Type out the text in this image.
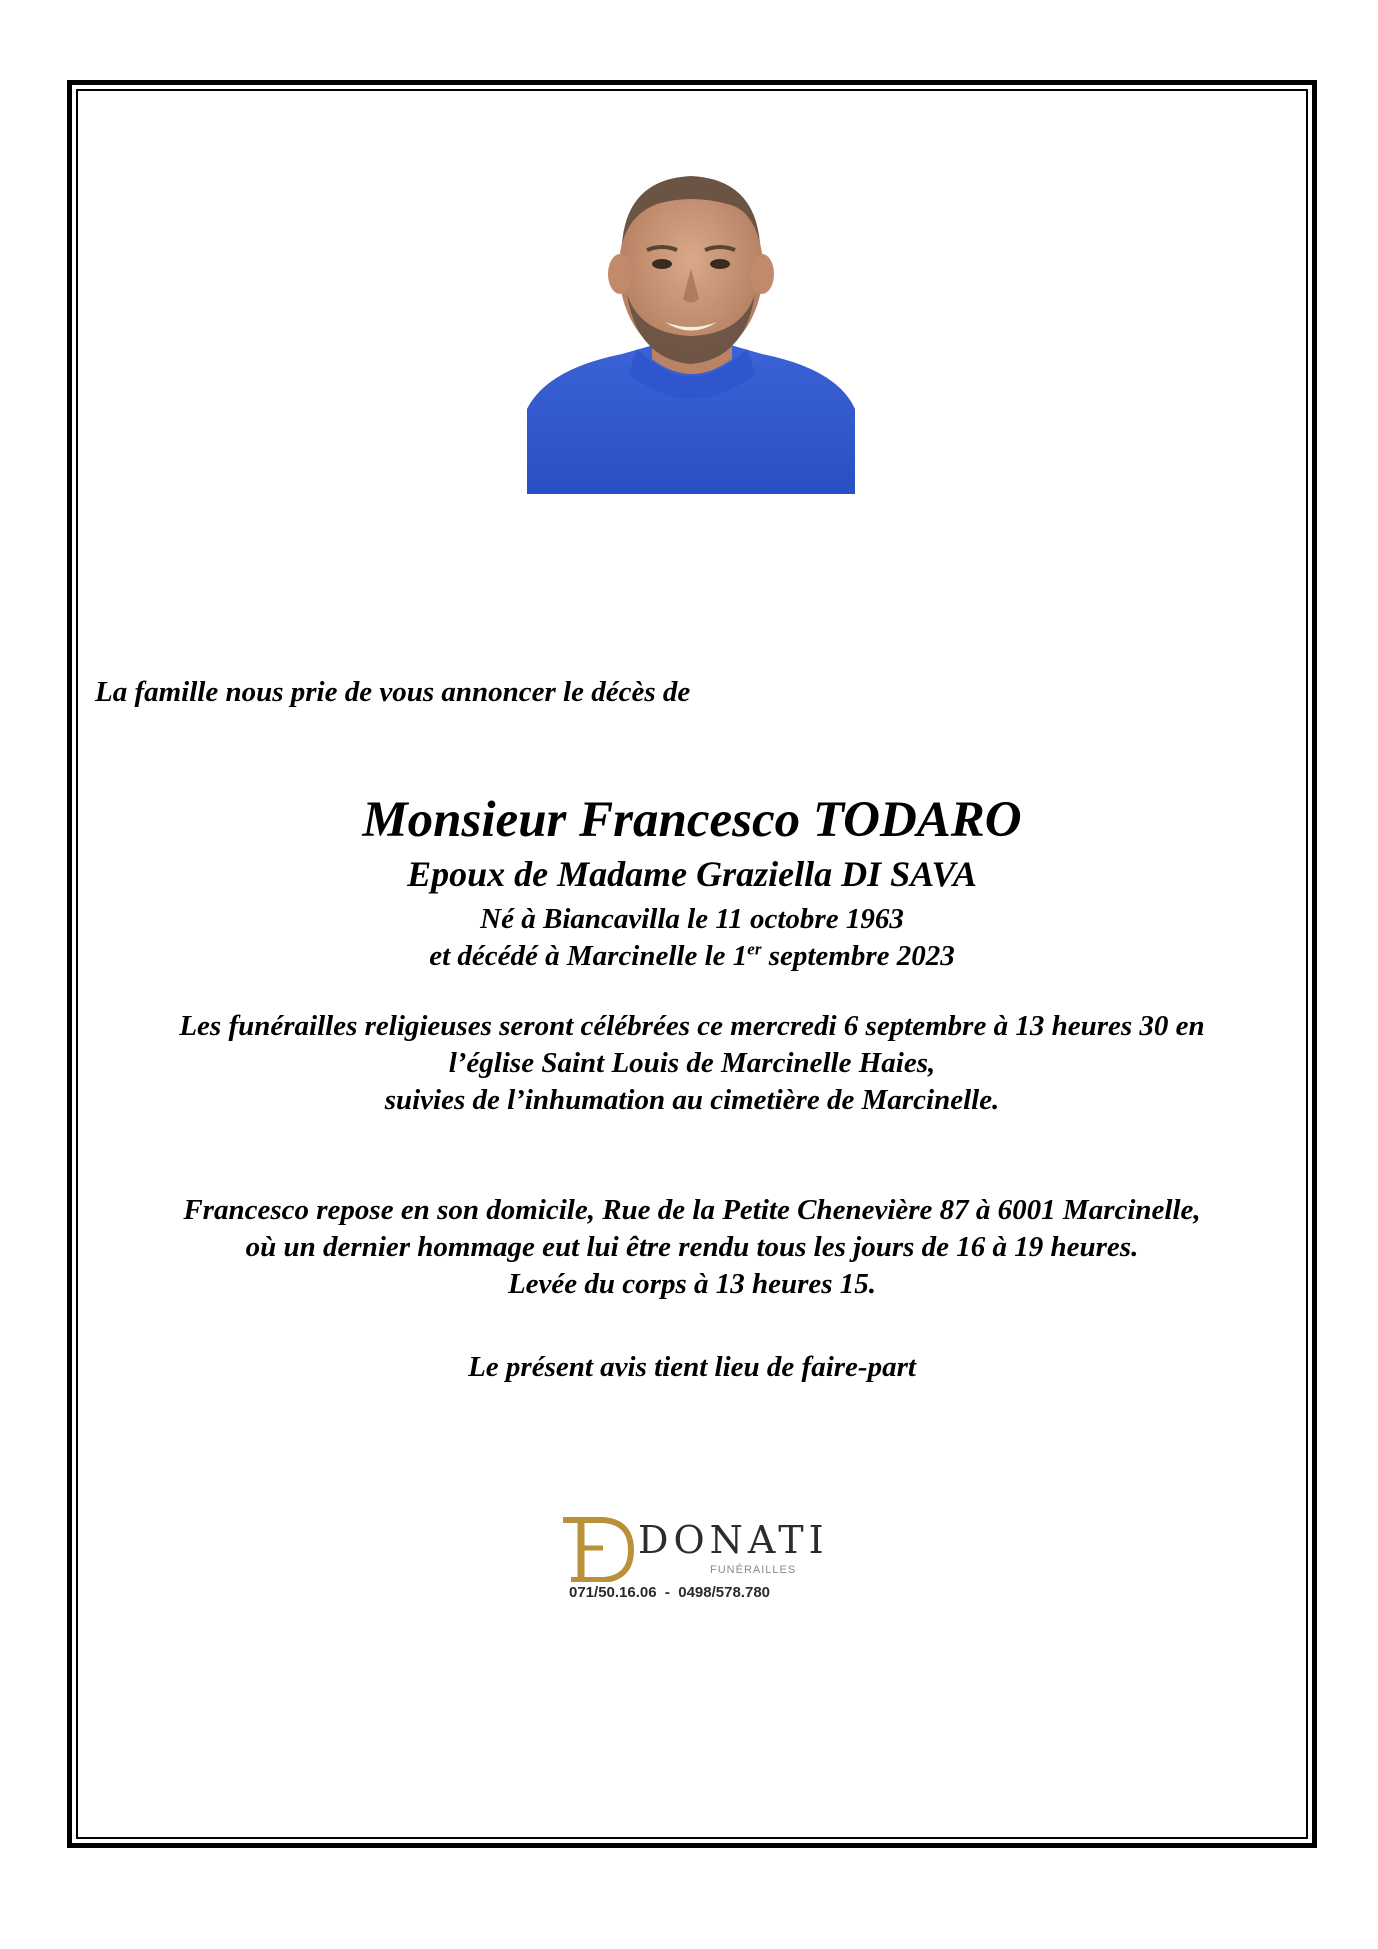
La famille nous prie de vous annoncer le décès de
Monsieur Francesco TODARO
Epoux de Madame Graziella DI SAVA
Né à Biancavilla le 11 octobre 1963
et décédé à Marcinelle le 1er septembre 2023
Les funérailles religieuses seront célébrées ce mercredi 6 septembre à 13 heures 30 en
l’église Saint Louis de Marcinelle Haies,
suivies de l’inhumation au cimetière de Marcinelle.
Francesco repose en son domicile, Rue de la Petite Chenevière 87 à 6001 Marcinelle,
où un dernier hommage eut lui être rendu tous les jours de 16 à 19 heures.
Levée du corps à 13 heures 15.
Le présent avis tient lieu de faire-part
DONATI
FUNÉRAILLES
071/50.16.06  -  0498/578.780
